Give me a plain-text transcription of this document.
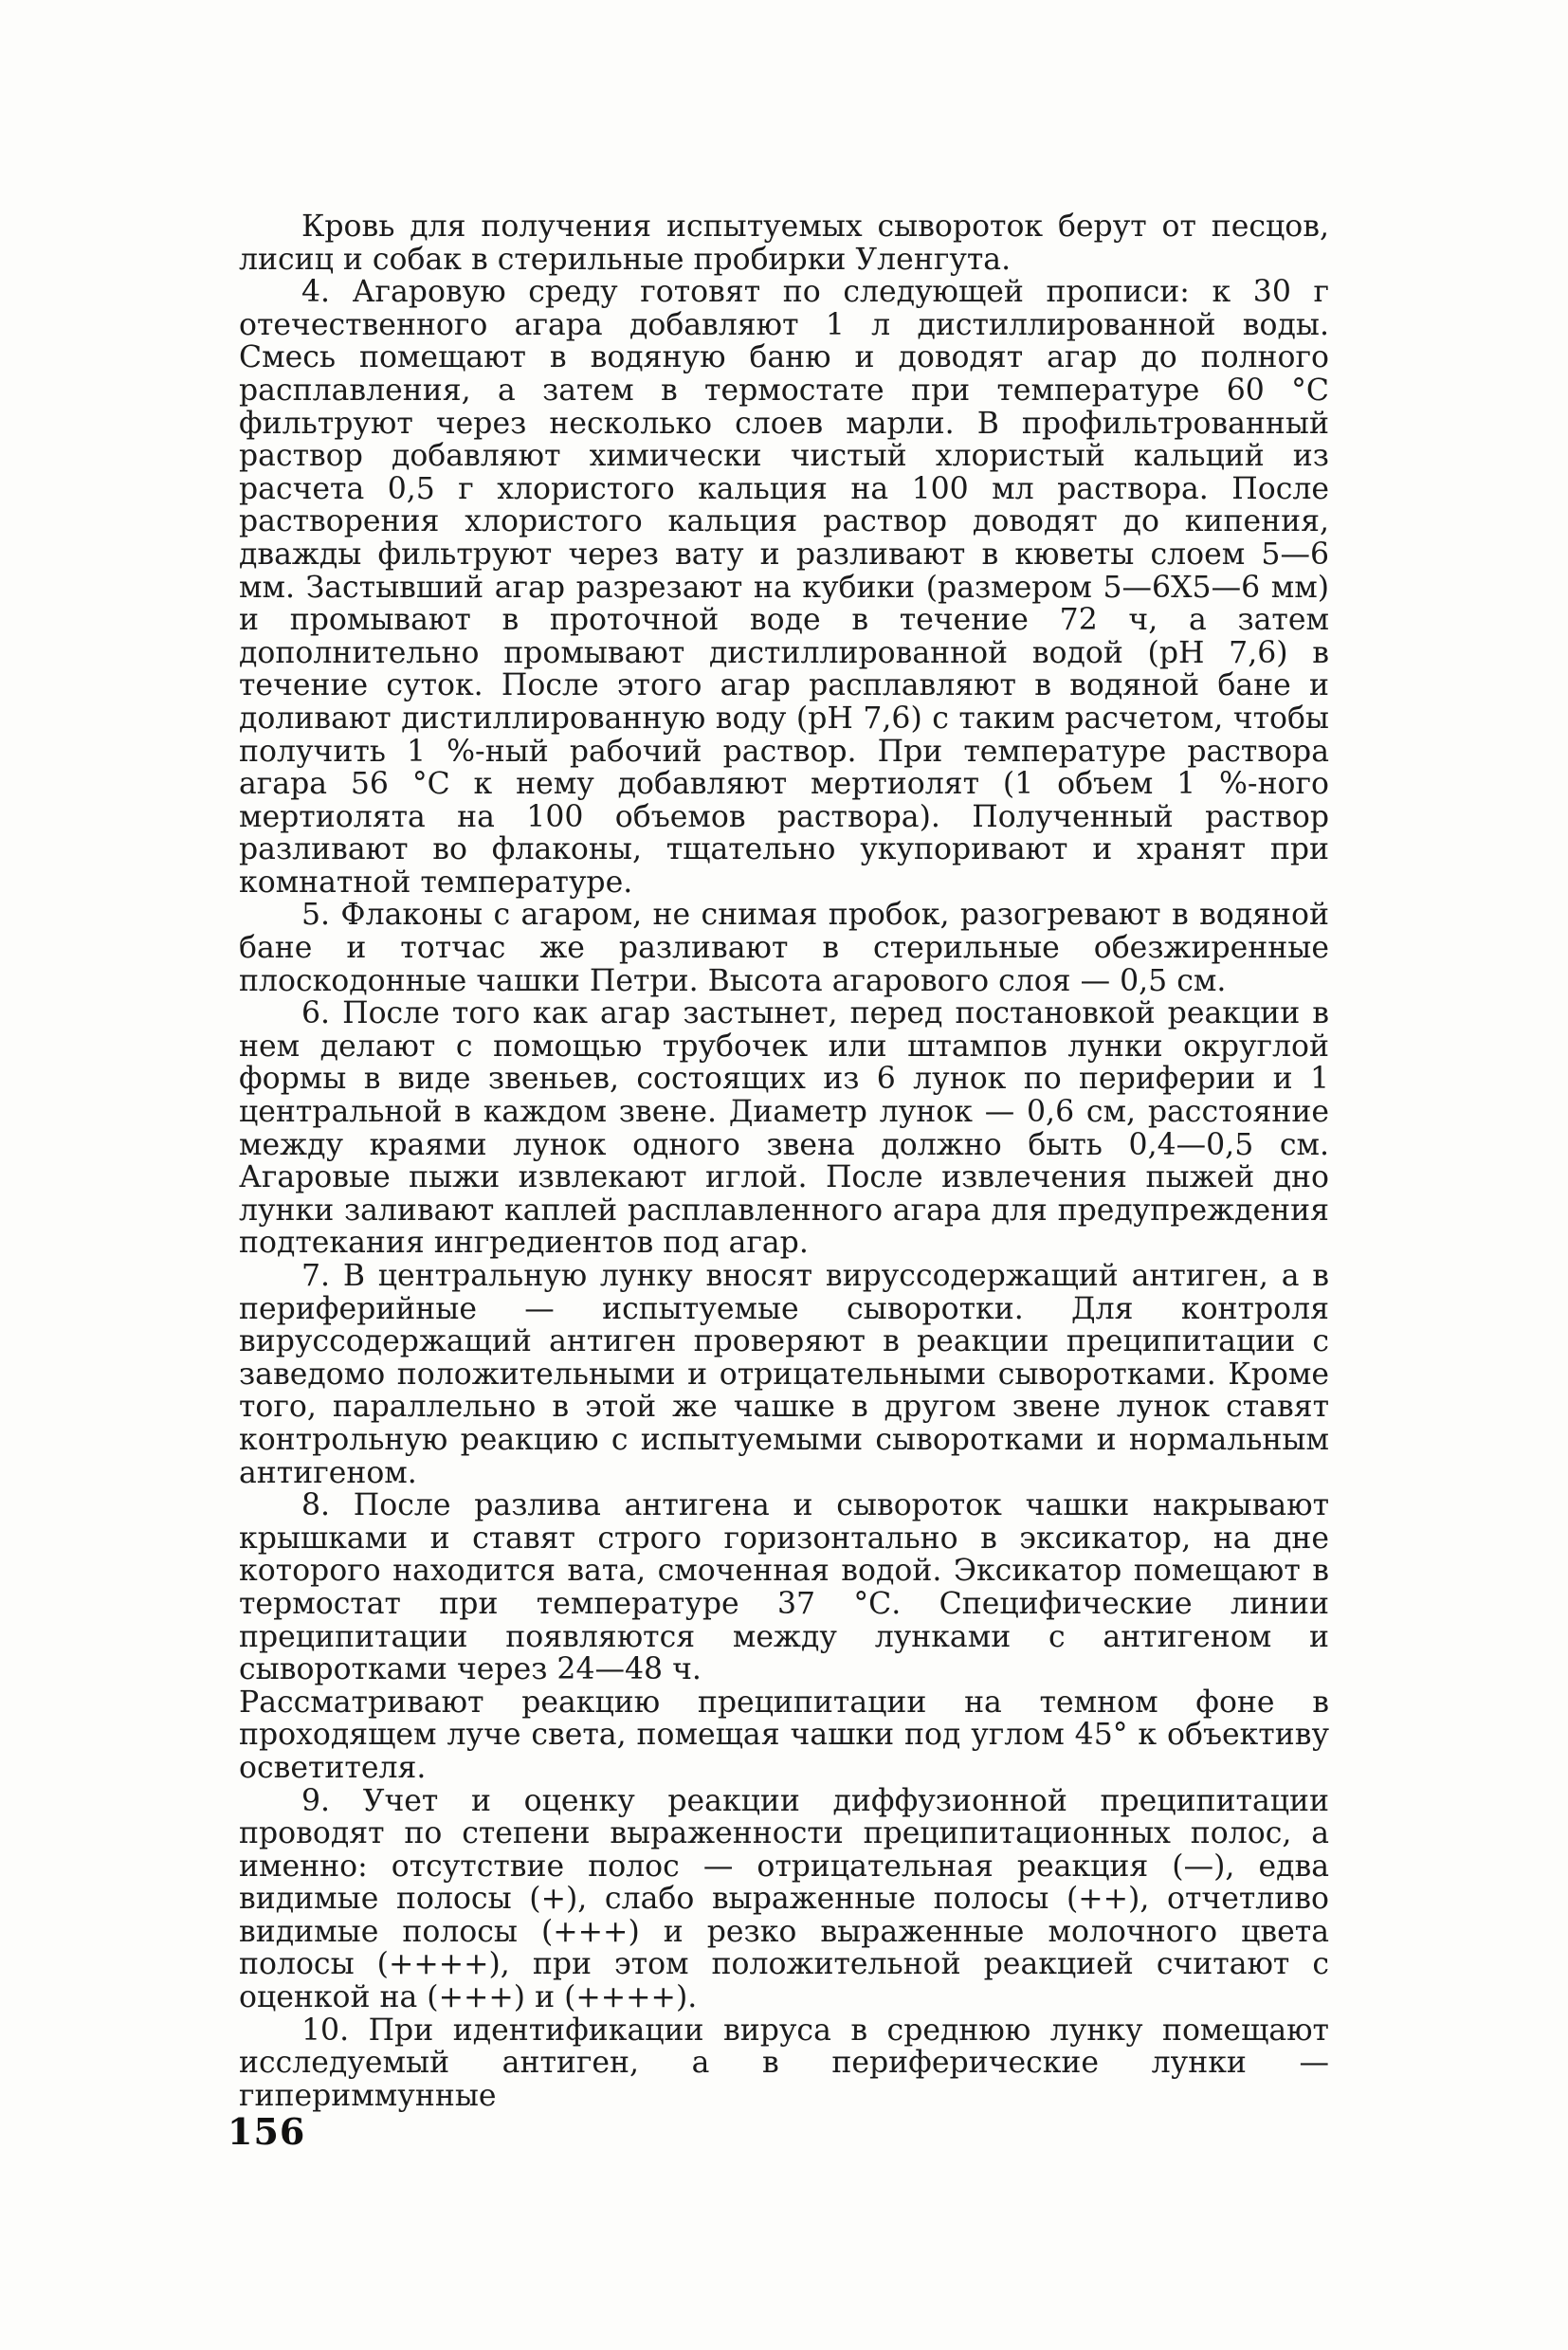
Кровь для получения испытуемых сывороток берут от песцов, лисиц и собак в стерильные пробирки Уленгута.

4. Агаровую среду готовят по следующей прописи: к 30 г отечественного агара добавляют 1 л дистиллированной воды. Смесь помещают в водяную баню и доводят агар до полного расплавления, а затем в термостате при температуре 60 °С фильтруют через несколько слоев марли. В профильтрованный раствор добавляют химически чистый хлористый кальций из расчета 0,5 г хлористого кальция на 100 мл раствора. После растворения хлористого кальция раствор доводят до кипения, дважды фильтруют через вату и разливают в кюветы слоем 5—6 мм. Застывший агар разрезают на кубики (размером 5—6Х5—6 мм) и промывают в проточной воде в течение 72 ч, а затем дополнительно промывают дистиллированной водой (рН 7,6) в течение суток. После этого агар расплавляют в водяной бане и доливают дистиллированную воду (рН 7,6) с таким расчетом, чтобы получить 1 %-ный рабочий раствор. При температуре раствора агара 56 °С к нему добавляют мертиолят (1 объем 1 %-ного мертиолята на 100 объемов раствора). Полученный раствор разливают во флаконы, тщательно укупоривают и хранят при комнатной температуре.

5. Флаконы с агаром, не снимая пробок, разогревают в водяной бане и тотчас же разливают в стерильные обезжиренные плоскодонные чашки Петри. Высота агарового слоя — 0,5 см.

6. После того как агар застынет, перед постановкой реакции в нем делают с помощью трубочек или штампов лунки округлой формы в виде звеньев, состоящих из 6 лунок по периферии и 1 центральной в каждом звене. Диаметр лунок — 0,6 см, расстояние между краями лунок одного звена должно быть 0,4—0,5 см. Агаровые пыжи извлекают иглой. После извлечения пыжей дно лунки заливают каплей расплавленного агара для предупреждения подтекания ингредиентов под агар.

7. В центральную лунку вносят вируссодержащий антиген, а в периферийные — испытуемые сыворотки. Для контроля вируссодержащий антиген проверяют в реакции преципитации с заведомо положительными и отрицательными сыворотками. Кроме того, параллельно в этой же чашке в другом звене лунок ставят контрольную реакцию с испытуемыми сыворотками и нормальным антигеном.

8. После разлива антигена и сывороток чашки накрывают крышками и ставят строго горизонтально в эксикатор, на дне которого находится вата, смоченная водой. Эксикатор помещают в термостат при температуре 37 °С. Специфические линии преципитации появляются между лунками с антигеном и сыворотками через 24—48 ч.

Рассматривают реакцию преципитации на темном фоне в проходящем луче света, помещая чашки под углом 45° к объективу осветителя.

9. Учет и оценку реакции диффузионной преципитации проводят по степени выраженности преципитационных полос, а именно: отсутствие полос — отрицательная реакция (—), едва видимые полосы (+), слабо выраженные полосы (++), отчетливо видимые полосы (+++) и резко выраженные молочного цвета полосы (++++), при этом положительной реакцией считают с оценкой на (+++) и (++++).

10. При идентификации вируса в среднюю лунку помещают исследуемый антиген, а в периферические лунки — гипериммунные

156
